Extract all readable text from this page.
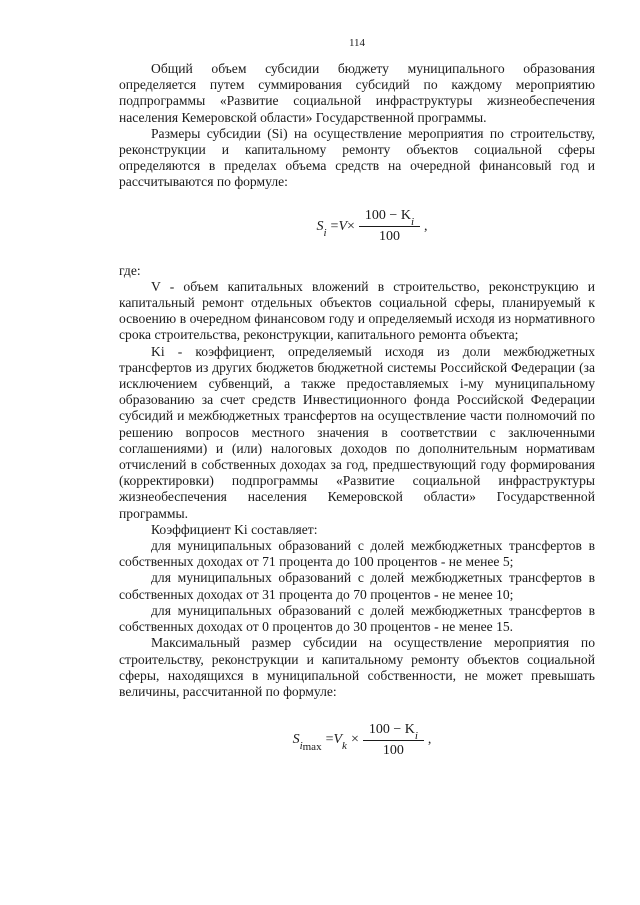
114

Общий объем субсидии бюджету муниципального образования определяется путем суммирования субсидий по каждому мероприятию подпрограммы «Развитие социальной инфраструктуры жизнеобеспечения населения Кемеровской области» Государственной программы.

Размеры субсидии (Si) на осуществление мероприятия по строительству, реконструкции и капитальному ремонту объектов социальной сферы определяются в пределах объема средств на очередной финансовый год и рассчитываются по формуле:

S $i = V \times \frac{100 - K_i}{100}$ ,

где:

V - объем капитальных вложений в строительство, реконструкцию и капитальный ремонт отдельных объектов социальной сферы, планируемый к освоению в очередном финансовом году и определяемый исходя из нормативного срока строительства, реконструкции, капитального ремонта объекта;

Ki - коэффициент, определяемый исходя из доли межбюджетных трансфертов из других бюджетов бюджетной системы Российской Федерации (за исключением субвенций, а также предоставляемых i-му муниципальному образованию за счет средств Инвестиционного фонда Российской Федерации субсидий и межбюджетных трансфертов на осуществление части полномочий по решению вопросов местного значения в соответствии с заключенными соглашениями) и (или) налоговых доходов по дополнительным нормативам отчислений в собственных доходах за год, предшествующий году формирования (корректировки) подпрограммы «Развитие социальной инфраструктуры жизнеобеспечения населения Кемеровской области» Государственной программы.

Коэффициент Ki составляет:

для муниципальных образований с долей межбюджетных трансфертов в собственных доходах от 71 процента до 100 процентов - не менее 5;

для муниципальных образований с долей межбюджетных трансфертов в собственных доходах от 31 процента до 70 процентов - не менее 10;

для муниципальных образований с долей межбюджетных трансфертов в собственных доходах от 0 процентов до 30 процентов - не менее 15.

Максимальный размер субсидии на осуществление мероприятия по строительству, реконструкции и капитальному ремонту объектов социальной сферы, находящихся в муниципальной собственности, не может превышать величины, рассчитанной по формуле:

S i max = V $k \times \frac{100 - K_i}{100}$ ,
